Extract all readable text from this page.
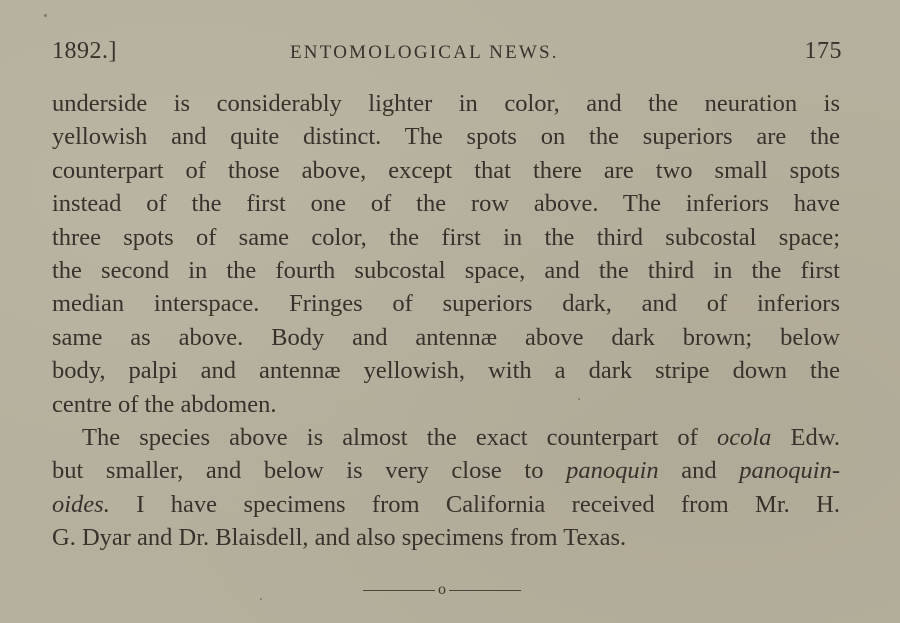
1892.]	ENTOMOLOGICAL NEWS.	175
underside is considerably lighter in color, and the neuration is
yellowish and quite distinct. The spots on the superiors are the
counterpart of those above, except that there are two small spots
instead of the first one of the row above. The inferiors have
three spots of same color, the first in the third subcostal space;
the second in the fourth subcostal space, and the third in the first
median interspace. Fringes of superiors dark, and of inferiors
same as above. Body and antennæ above dark brown; below
body, palpi and antennæ yellowish, with a dark stripe down the
centre of the abdomen.
The species above is almost the exact counterpart of ocola Edw.
but smaller, and below is very close to panoquin and panoquin-
oides. I have specimens from California received from Mr. H.
G. Dyar and Dr. Blaisdell, and also specimens from Texas.
o
